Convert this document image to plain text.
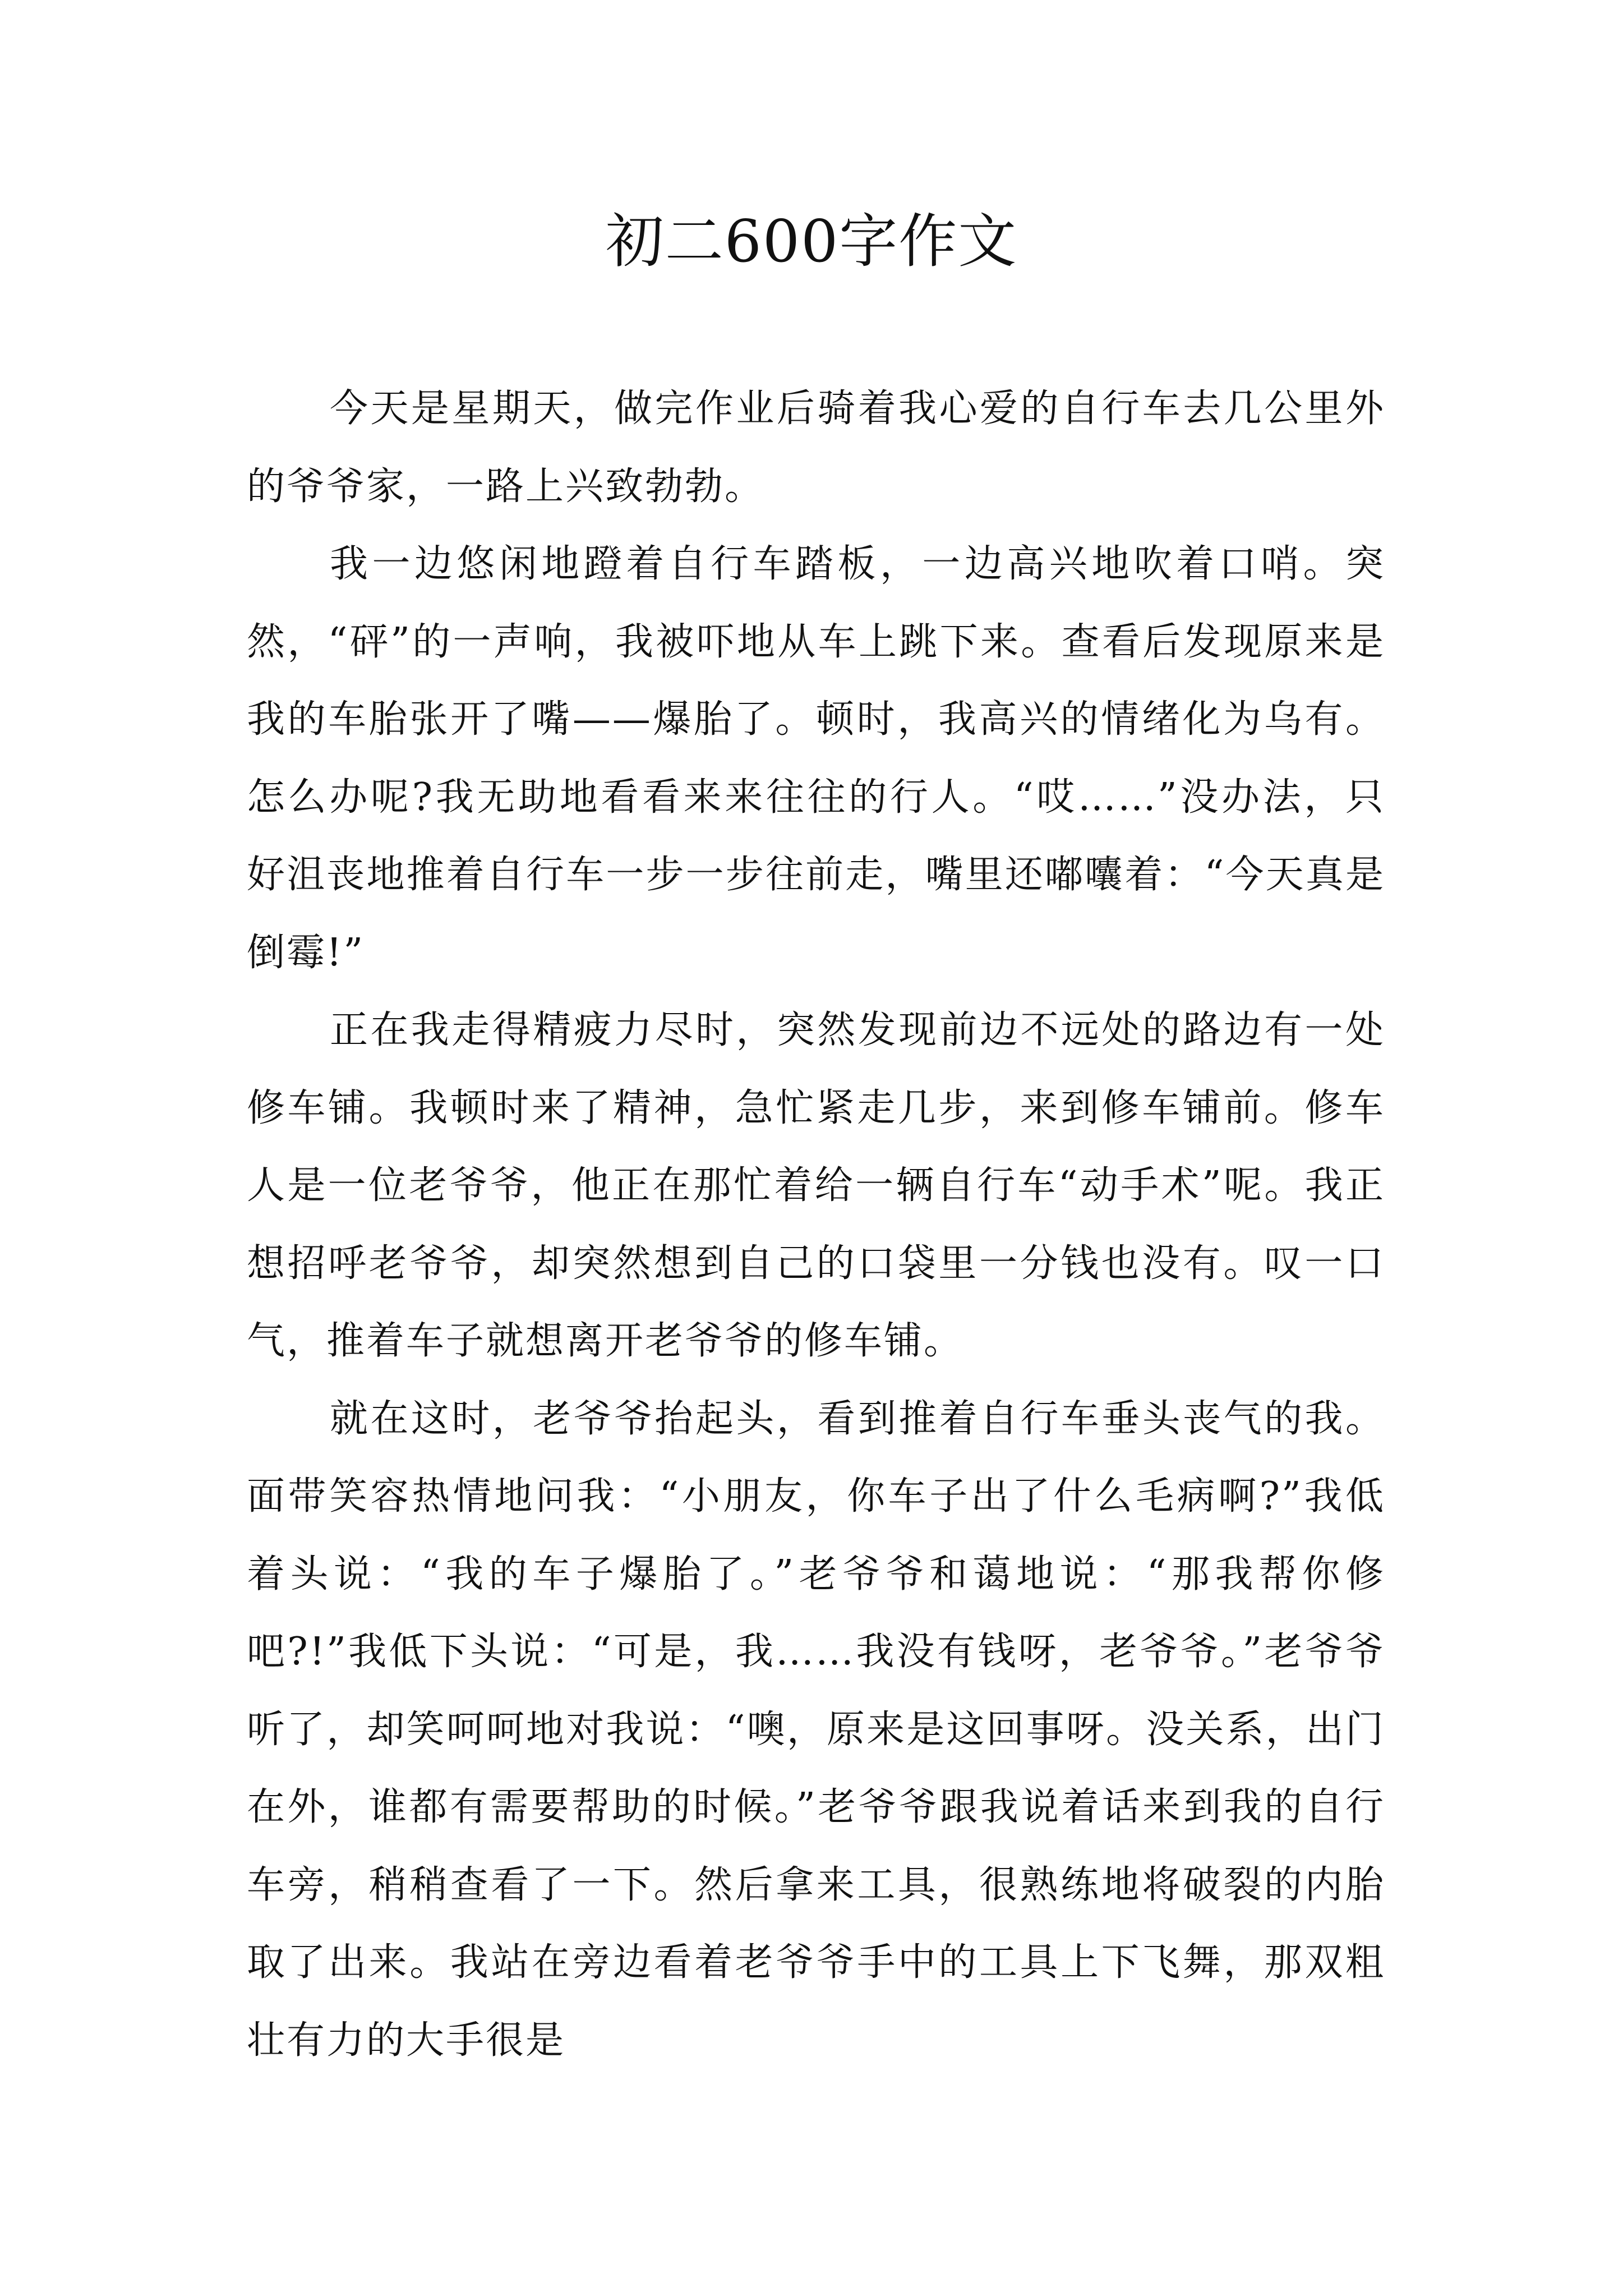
初二600字作文

今天是星期天，做完作业后骑着我心爱的自行车去几公里外的爷爷家，一路上兴致勃勃。

我一边悠闲地蹬着自行车踏板，一边高兴地吹着口哨。突然，“砰”的一声响，我被吓地从车上跳下来。查看后发现原来是我的车胎张开了嘴——爆胎了。顿时，我高兴的情绪化为乌有。怎么办呢?我无助地看看来来往往的行人。“哎……”没办法，只好沮丧地推着自行车一步一步往前走，嘴里还嘟囔着：“今天真是倒霉!”

正在我走得精疲力尽时，突然发现前边不远处的路边有一处修车铺。我顿时来了精神，急忙紧走几步，来到修车铺前。修车人是一位老爷爷，他正在那忙着给一辆自行车“动手术”呢。我正想招呼老爷爷，却突然想到自己的口袋里一分钱也没有。叹一口气，推着车子就想离开老爷爷的修车铺。

就在这时，老爷爷抬起头，看到推着自行车垂头丧气的我。面带笑容热情地问我：“小朋友，你车子出了什么毛病啊?”我低着头说：“我的车子爆胎了。”老爷爷和蔼地说：“那我帮你修吧?!”我低下头说：“可是，我……我没有钱呀，老爷爷。”老爷爷听了，却笑呵呵地对我说：“噢，原来是这回事呀。没关系，出门在外，谁都有需要帮助的时候。”老爷爷跟我说着话来到我的自行车旁，稍稍查看了一下。然后拿来工具，很熟练地将破裂的内胎取了出来。我站在旁边看着老爷爷手中的工具上下飞舞，那双粗壮有力的大手很是
